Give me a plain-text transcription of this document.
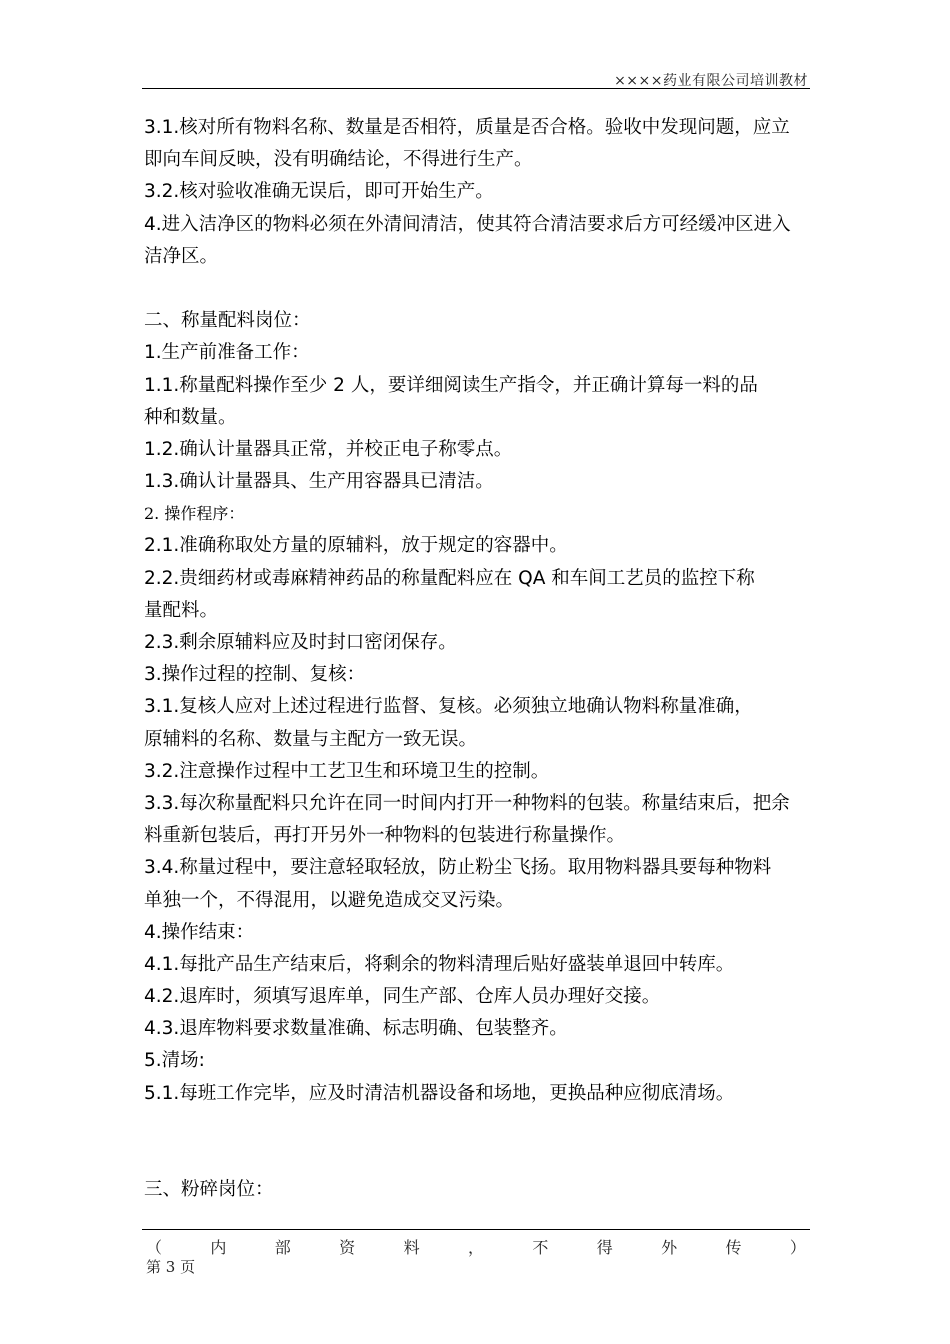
××××药业有限公司培训教材
3.1.核对所有物料名称、数量是否相符，质量是否合格。验收中发现问题，应立
即向车间反映，没有明确结论，不得进行生产。
3.2.核对验收准确无误后，即可开始生产。
4.进入洁净区的物料必须在外清间清洁，使其符合清洁要求后方可经缓冲区进入
洁净区。
二、称量配料岗位：
1.生产前准备工作：
1.1.称量配料操作至少 2 人，要详细阅读生产指令，并正确计算每一料的品
种和数量。
1.2.确认计量器具正常，并校正电子称零点。
1.3.确认计量器具、生产用容器具已清洁。
2. 操作程序：
2.1.准确称取处方量的原辅料，放于规定的容器中。
2.2.贵细药材或毒麻精神药品的称量配料应在 QA 和车间工艺员的监控下称
量配料。
2.3.剩余原辅料应及时封口密闭保存。
3.操作过程的控制、复核：
3.1.复核人应对上述过程进行监督、复核。必须独立地确认物料称量准确，
原辅料的名称、数量与主配方一致无误。
3.2.注意操作过程中工艺卫生和环境卫生的控制。
3.3.每次称量配料只允许在同一时间内打开一种物料的包装。称量结束后，把余
料重新包装后，再打开另外一种物料的包装进行称量操作。
3.4.称量过程中，要注意轻取轻放，防止粉尘飞扬。取用物料器具要每种物料
单独一个，不得混用，以避免造成交叉污染。
4.操作结束：
4.1.每批产品生产结束后，将剩余的物料清理后贴好盛装单退回中转库。
4.2.退库时，须填写退库单，同生产部、仓库人员办理好交接。
4.3.退库物料要求数量准确、标志明确、包装整齐。
5.清场:
5.1.每班工作完毕，应及时清洁机器设备和场地，更换品种应彻底清场。
三、粉碎岗位：
（	内	部	资	料	，	不	得	外	传	）
第 3 页
